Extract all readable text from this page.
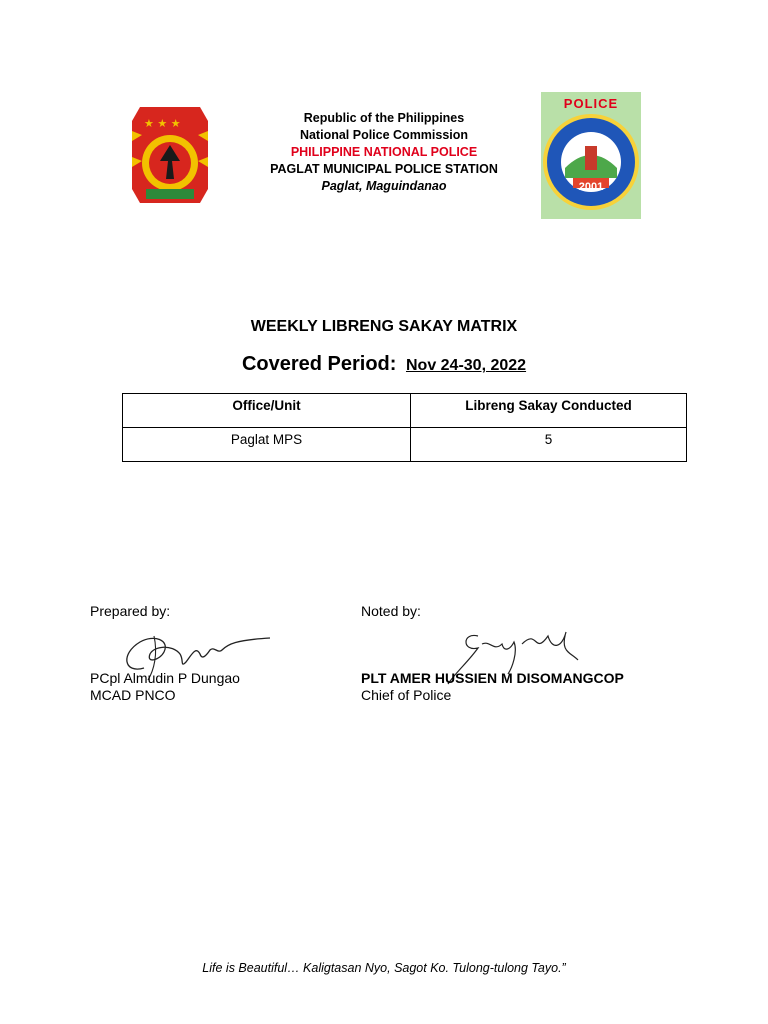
★ ★ ★	Republic of the Philippines
National Police Commission
PHILIPPINE NATIONAL POLICE
PAGLAT MUNICIPAL POLICE STATION
Paglat, Maguindanao
POLICE
2001
WEEKLY LIBRENG SAKAY MATRIX
Covered Period: Nov 24-30, 2022
Office/Unit	Libreng Sakay Conducted
Paglat MPS	5
Prepared by:
PCpl Almudin P Dungao
MCAD PNCO
Noted by:
PLT AMER HUSSIEN M DISOMANGCOP
Chief of Police
Life is Beautiful… Kaligtasan Nyo, Sagot Ko. Tulong-tulong Tayo.”
